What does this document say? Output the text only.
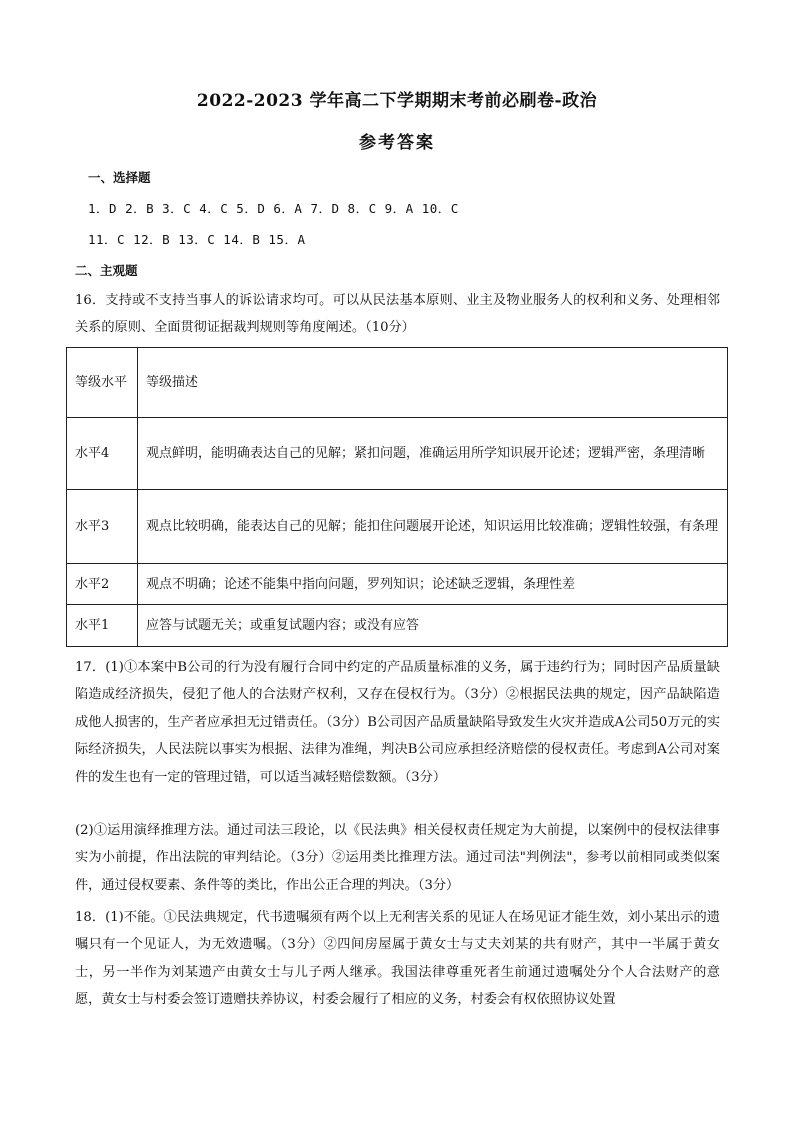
2022-2023 学年高二下学期期末考前必刷卷-政治
参考答案
一、选择题
1．D 2．B 3．C 4．C 5．D 6．A 7．D 8．C 9．A 10．C
11．C 12．B 13．C 14．B 15．A
二、主观题
16．支持或不支持当事人的诉讼请求均可。可以从民法基本原则、业主及物业服务人的权利和义务、处理相邻关系的原则、全面贯彻证据裁判规则等角度阐述。（10分）
等级水平	等级描述
水平4	观点鲜明，能明确表达自己的见解；紧扣问题，准确运用所学知识展开论述；逻辑严密，条理清晰
水平3	观点比较明确，能表达自己的见解；能扣住问题展开论述，知识运用比较准确；逻辑性较强，有条理
水平2	观点不明确；论述不能集中指向问题，罗列知识；论述缺乏逻辑，条理性差
水平1	应答与试题无关；或重复试题内容；或没有应答
17．(1)①本案中B公司的行为没有履行合同中约定的产品质量标准的义务，属于违约行为；同时因产品质量缺陷造成经济损失，侵犯了他人的合法财产权利，又存在侵权行为。（3分）②根据民法典的规定，因产品缺陷造成他人损害的，生产者应承担无过错责任。（3分）B公司因产品质量缺陷导致发生火灾并造成A公司50万元的实际经济损失，人民法院以事实为根据、法律为准绳，判决B公司应承担经济赔偿的侵权责任。考虑到A公司对案件的发生也有一定的管理过错，可以适当减轻赔偿数额。（3分）
(2)①运用演绎推理方法。通过司法三段论，以《民法典》相关侵权责任规定为大前提，以案例中的侵权法律事实为小前提，作出法院的审判结论。（3分）②运用类比推理方法。通过司法"判例法"，参考以前相同或类似案件，通过侵权要素、条件等的类比，作出公正合理的判决。（3分）
18．(1)不能。①民法典规定，代书遗嘱须有两个以上无利害关系的见证人在场见证才能生效，刘小某出示的遗嘱只有一个见证人，为无效遗嘱。（3分）②四间房屋属于黄女士与丈夫刘某的共有财产，其中一半属于黄女士，另一半作为刘某遗产由黄女士与儿子两人继承。我国法律尊重死者生前通过遗嘱处分个人合法财产的意愿，黄女士与村委会签订遗赠扶养协议，村委会履行了相应的义务，村委会有权依照协议处置
